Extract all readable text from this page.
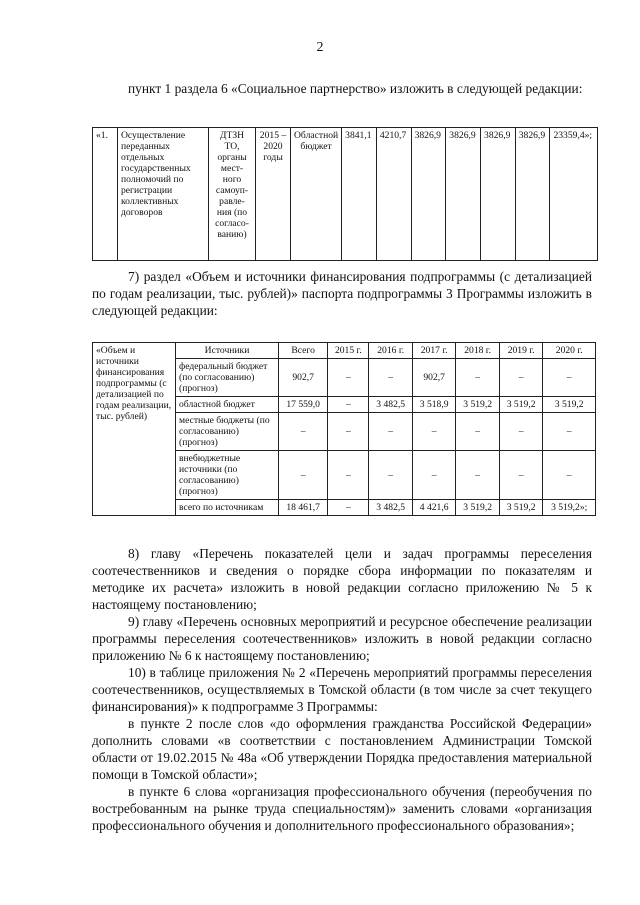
2
пункт 1 раздела 6 «Социальное партнерство» изложить в следующей редакции:
«1.	Осуществление переданных отдельных государственных полномочий по регистрации коллективных договоров	ДТЗН ТО, органы мест-ного самоуп-равле-ния (по согласо-ванию)	2015 – 2020 годы	Областной бюджет	3841,1	4210,7	3826,9	3826,9	3826,9	3826,9	23359,4»;
7) раздел «Объем и источники финансирования подпрограммы (с детализацией по годам реализации, тыс. рублей)» паспорта подпрограммы 3 Программы изложить в следующей редакции:
«Объем и источники финансирования подпрограммы (с детализацией по годам реализации, тыс. рублей)	Источники	Всего	2015 г.	2016 г.	2017 г.	2018 г.	2019 г.	2020 г.
	федеральный бюджет (по согласованию) (прогноз)	902,7	–	–	902,7	–	–	–
	областной бюджет	17 559,0	–	3 482,5	3 518,9	3 519,2	3 519,2	3 519,2
	местные бюджеты (по согласованию) (прогноз)	–	–	–	–	–	–	–
	внебюджетные источники (по согласованию) (прогноз)	–	–	–	–	–	–	–
	всего по источникам	18 461,7	–	3 482,5	4 421,6	3 519,2	3 519,2	3 519,2»;
8) главу «Перечень показателей цели и задач программы переселения соотечественников и сведения о порядке сбора информации по показателям и методике их расчета» изложить в новой редакции согласно приложению № 5 к настоящему постановлению;
9) главу «Перечень основных мероприятий и ресурсное обеспечение реализации программы переселения соотечественников» изложить в новой редакции согласно приложению № 6 к настоящему постановлению;
10) в таблице приложения № 2 «Перечень мероприятий программы переселения соотечественников, осуществляемых в Томской области (в том числе за счет текущего финансирования)» к подпрограмме 3 Программы:
в пункте 2 после слов «до оформления гражданства Российской Федерации» дополнить словами «в соответствии с постановлением Администрации Томской области от 19.02.2015 № 48а «Об утверждении Порядка предоставления материальной помощи в Томской области»;
в пункте 6 слова «организация профессионального обучения (переобучения по востребованным на рынке труда специальностям)» заменить словами «организация профессионального обучения и дополнительного профессионального образования»;
